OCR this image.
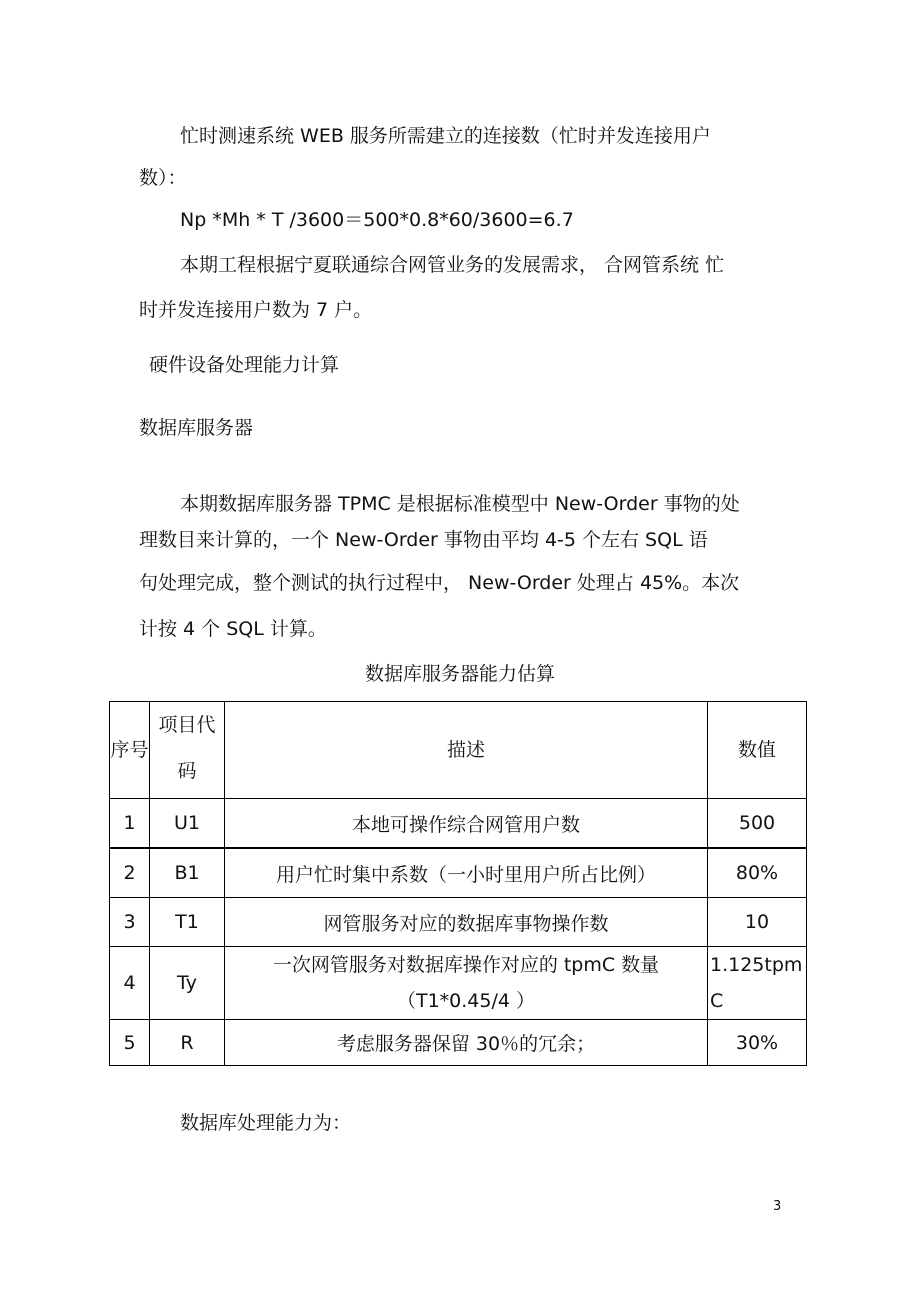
忙时测速系统 WEB 服务所需建立的连接数（忙时并发连接用户
数）：
Np *Mh * T /3600＝500*0.8*60/3600=6.7
本期工程根据宁夏联通综合网管业务的发展需求， 合网管系统 忙
时并发连接用户数为 7 户。
硬件设备处理能力计算
数据库服务器
本期数据库服务器 TPMC 是根据标准模型中 New-Order 事物的处
理数目来计算的，一个 New-Order 事物由平均 4-5 个左右 SQL 语
句处理完成，整个测试的执行过程中， New-Order 处理占 45%。本次
计按 4 个 SQL 计算。
数据库服务器能力估算
序号	项目代码	描述	数值
1	U1	本地可操作综合网管用户数	500
2	B1	用户忙时集中系数（一小时里用户所占比例）	80%
3	T1	网管服务对应的数据库事物操作数	10
4	Ty	一次网管服务对数据库操作对应的 tpmC 数量
（T1*0.45/4 ）	1.125tpmC
5	R	考虑服务器保留 30％的冗余；	30%
数据库处理能力为：
3
